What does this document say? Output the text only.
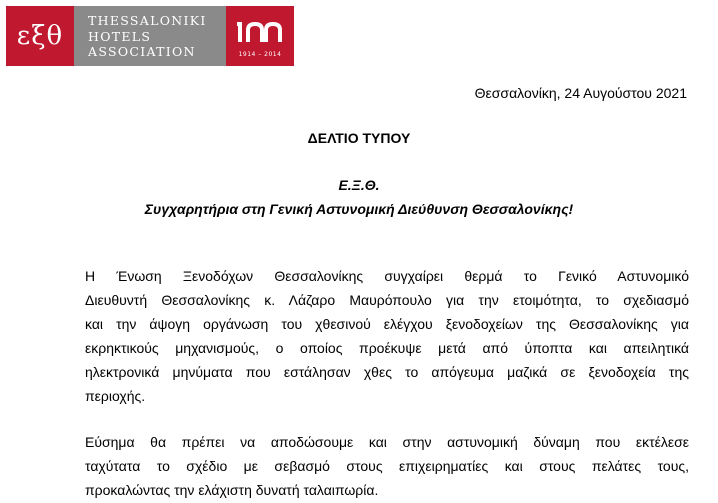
εξθ
THESSALONIKI
HOTELS
ASSOCIATION	1914 – 2014
Θεσσαλονίκη, 24 Αυγούστου 2021
ΔΕΛΤΙΟ ΤΥΠΟΥ
Ε.Ξ.Θ.
Συγχαρητήρια στη Γενική Αστυνομική Διεύθυνση Θεσσαλονίκης!
Η Ένωση Ξενοδόχων Θεσσαλονίκης συγχαίρει θερμά το Γενικό Αστυνομικό
Διευθυντή Θεσσαλονίκης κ. Λάζαρο Μαυρόπουλο για την ετοιμότητα, το σχεδιασμό
και την άψογη οργάνωση του χθεσινού ελέγχου ξενοδοχείων της Θεσσαλονίκης για
εκρηκτικούς μηχανισμούς, ο οποίος προέκυψε μετά από ύποπτα και απειλητικά
ηλεκτρονικά μηνύματα που εστάλησαν χθες το απόγευμα μαζικά σε ξενοδοχεία της
περιοχής.
Εύσημα θα πρέπει να αποδώσουμε και στην αστυνομική δύναμη που εκτέλεσε
ταχύτατα το σχέδιο με σεβασμό στους επιχειρηματίες και στους πελάτες τους,
προκαλώντας την ελάχιστη δυνατή ταλαιπωρία.
